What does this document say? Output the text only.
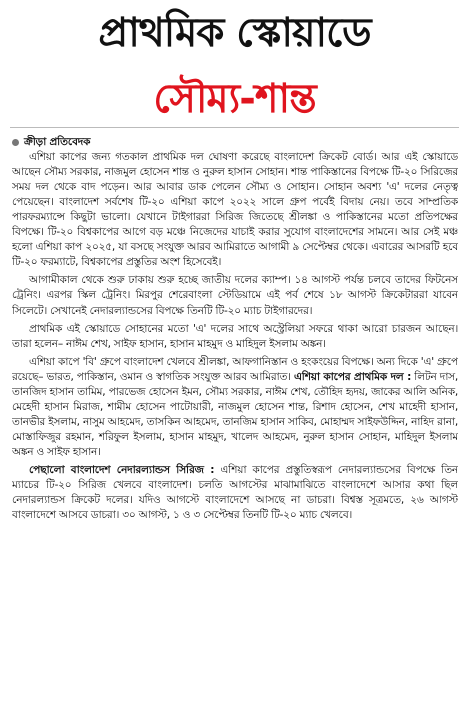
প্রাথমিক স্কোয়াডে
সৌম্য-শান্ত
ক্রীড়া প্রতিবেদক

এশিয়া কাপের জন্য গতকাল প্রাথমিক দল ঘোষণা করেছে বাংলাদেশ ক্রিকেট বোর্ড। আর এই স্কোয়াডে আছেন সৌম্য সরকার, নাজমুল হোসেন শান্ত ও নুরুল হাসান সোহান। শান্ত পাকিস্তানের বিপক্ষে টি-২০ সিরিজের সময় দল থেকে বাদ পড়েন। আর আবার ডাক পেলেন সৌম্য ও সোহান। সোহান অবশ্য 'এ' দলের নেতৃত্ব পেয়েছেন। বাংলাদেশ সর্বশেষ টি-২০ এশিয়া কাপে ২০২২ সালে গ্রুপ পর্বেই বিদায় নেয়। তবে সাম্প্রতিক পারফরম্যান্সে কিছুটা ভালো। যেখানে টাইগাররা সিরিজ জিতেছে শ্রীলঙ্কা ও পাকিস্তানের মতো প্রতিপক্ষের বিপক্ষে। টি-২০ বিশ্বকাপের আগে বড় মঞ্চে নিজেদের যাচাই করার সুযোগ বাংলাদেশের সামনে। আর সেই মঞ্চ হলো এশিয়া কাপ ২০২৫, যা বসছে সংযুক্ত আরব আমিরাতে আগামী ৯ সেপ্টেম্বর থেকে। এবারের আসরটি হবে টি-২০ ফরম্যাটে, বিশ্বকাপের প্রস্তুতির অংশ হিসেবেই।

আগামীকাল থেকে শুরু ঢাকায় শুরু হচ্ছে জাতীয় দলের ক্যাম্প। ১৪ আগস্ট পর্যন্ত চলবে তাদের ফিটনেস ট্রেনিং। এরপর স্কিল ট্রেনিং। মিরপুর শেরেবাংলা স্টেডিয়ামে এই পর্ব শেষে ১৮ আগস্ট ক্রিকেটাররা যাবেন সিলেটে। সেখানেই নেদারল্যান্ডসের বিপক্ষে তিনটি টি-২০ ম্যাচ টাইগারদের।

প্রাথমিক এই স্কোয়াডে সোহানের মতো 'এ' দলের সাথে অস্ট্রেলিয়া সফরে থাকা আরো চারজন আছেন। তারা হলেন– নাঈম শেখ, সাইফ হাসান, হাসান মাহমুদ ও মাহিদুল ইসলাম অঙ্কন।

এশিয়া কাপে 'বি' গ্রুপে বাংলাদেশ খেলবে শ্রীলঙ্কা, আফগানিস্তান ও হংকংয়ের বিপক্ষে। অন্য দিকে 'এ' গ্রুপে রয়েছে– ভারত, পাকিস্তান, ওমান ও স্বাগতিক সংযুক্ত আরব আমিরাত। এশিয়া কাপের প্রাথমিক দল : লিটন দাস, তানজিদ হাসান তামিম, পারভেজ হোসেন ইমন, সৌম্য সরকার, নাঈম শেখ, তৌহিদ হৃদয়, জাকের আলি অনিক, মেহেদী হাসান মিরাজ, শামীম হোসেন পাটোয়ারী, নাজমুল হোসেন শান্ত, রিশাদ হোসেন, শেখ মাহেদী হাসান, তানভীর ইসলাম, নাসুম আহমেদ, তাসকিন আহমেদ, তানজিম হাসান সাকিব, মোহাম্মদ সাইফউদ্দিন, নাহিদ রানা, মোস্তাফিজুর রহমান, শরিফুল ইসলাম, হাসান মাহমুদ, খালেদ আহমেদ, নুরুল হাসান সোহান, মাহিদুল ইসলাম অঙ্কন ও সাইফ হাসান।

পেছালো বাংলাদেশ নেদারল্যান্ডস সিরিজ : এশিয়া কাপের প্রস্তুতিস্বরূপ নেদারল্যান্ডসের বিপক্ষে তিন ম্যাচের টি-২০ সিরিজ খেলবে বাংলাদেশ। চলতি আগস্টের মাঝামাঝিতে বাংলাদেশে আসার কথা ছিল নেদারল্যান্ডস ক্রিকেট দলের। যদিও আগস্টে বাংলাদেশে আসছে না ডাচরা। বিশ্বস্ত সূত্রমতে, ২৬ আগস্ট বাংলাদেশে আসবে ডাচরা। ৩০ আগস্ট, ১ ও ৩ সেপ্টেম্বর তিনটি টি-২০ ম্যাচ খেলবে।
